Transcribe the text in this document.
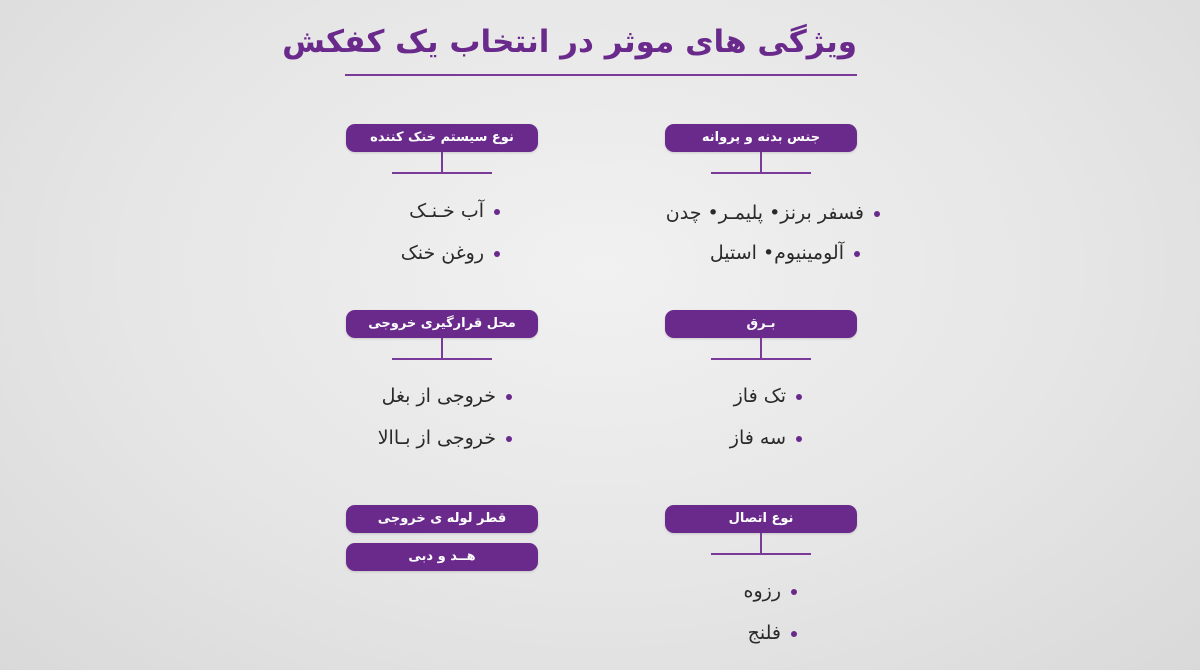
ویژگی های موثر در انتخاب یک کفکش
جنس بدنه و پروانه
فسفر برنز• پلیمـر• چدن
آلومینیوم• استیل
نوع سیستم خنک کننده
آب خـنـک
روغن خنک
بـرق
تک فاز
سه فاز
محل قرارگیری خروجی
خروجی از بغل
خروجی از بـاالا
نوع اتصال
رزوه
فلنج
قطر لوله ی خروجی
هــد و دبی
